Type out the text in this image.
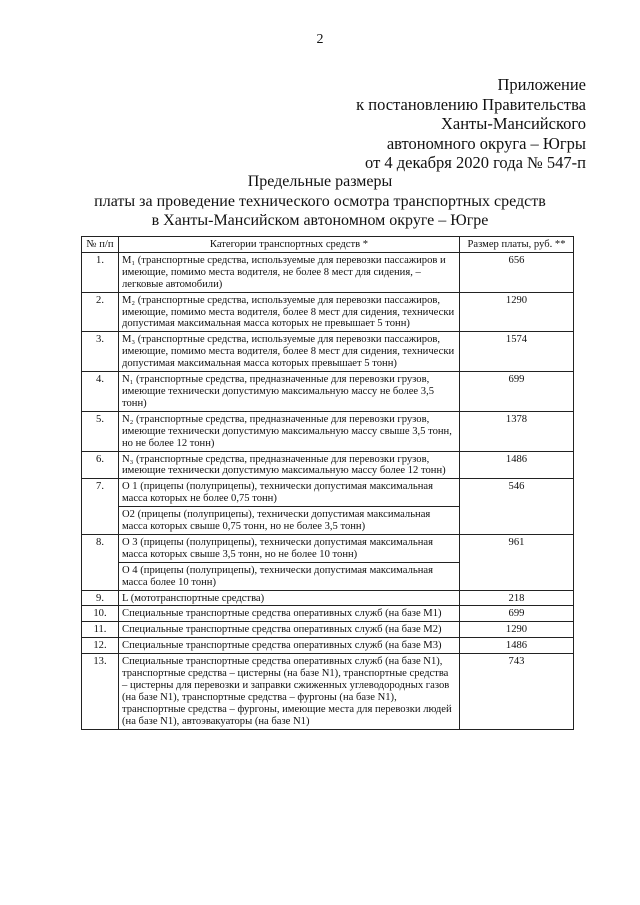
2
Приложение
к постановлению Правительства
Ханты-Мансийского
автономного округа – Югры
от 4 декабря 2020 года № 547-п
Предельные размеры
платы за проведение технического осмотра транспортных средств
в Ханты-Мансийском автономном округе – Югре
№ п/п	Категории транспортных средств *	Размер платы, руб. **
1.	M₁ (транспортные средства, используемые для перевозки пассажиров и имеющие, помимо места водителя, не более 8 мест для сидения, – легковые автомобили)	656
2.	M₂ (транспортные средства, используемые для перевозки пассажиров, имеющие, помимо места водителя, более 8 мест для сидения, технически допустимая максимальная масса которых не превышает 5 тонн)	1290
3.	M₃ (транспортные средства, используемые для перевозки пассажиров, имеющие, помимо места водителя, более 8 мест для сидения, технически допустимая максимальная масса которых превышает 5 тонн)	1574
4.	N₁ (транспортные средства, предназначенные для перевозки грузов, имеющие технически допустимую максимальную массу не более 3,5 тонн)	699
5.	N₂ (транспортные средства, предназначенные для перевозки грузов, имеющие технически допустимую максимальную массу свыше 3,5 тонн, но не более 12 тонн)	1378
6.	N₃ (транспортные средства, предназначенные для перевозки грузов, имеющие технически допустимую максимальную массу более 12 тонн)	1486
7.	О 1 (прицепы (полуприцепы), технически допустимая максимальная масса которых не более 0,75 тонн)	546
	О2 (прицепы (полуприцепы), технически допустимая максимальная масса которых свыше 0,75 тонн, но не более 3,5 тонн)	
8.	О 3 (прицепы (полуприцепы), технически допустимая максимальная масса которых свыше 3,5 тонн, но не более 10 тонн)	961
	О 4 (прицепы (полуприцепы), технически допустимая максимальная масса более 10 тонн)	
9.	L (мототранспортные средства)	218
10.	Специальные транспортные средства оперативных служб (на базе M1)	699
11.	Специальные транспортные средства оперативных служб (на базе M2)	1290
12.	Специальные транспортные средства оперативных служб (на базе M3)	1486
13.	Специальные транспортные средства оперативных служб (на базе N1), транспортные средства – цистерны (на базе N1), транспортные средства – цистерны для перевозки и заправки сжиженных углеводородных газов (на базе N1), транспортные средства – фургоны (на базе N1), транспортные средства – фургоны, имеющие места для перевозки людей (на базе N1), автоэвакуаторы (на базе N1)	743
